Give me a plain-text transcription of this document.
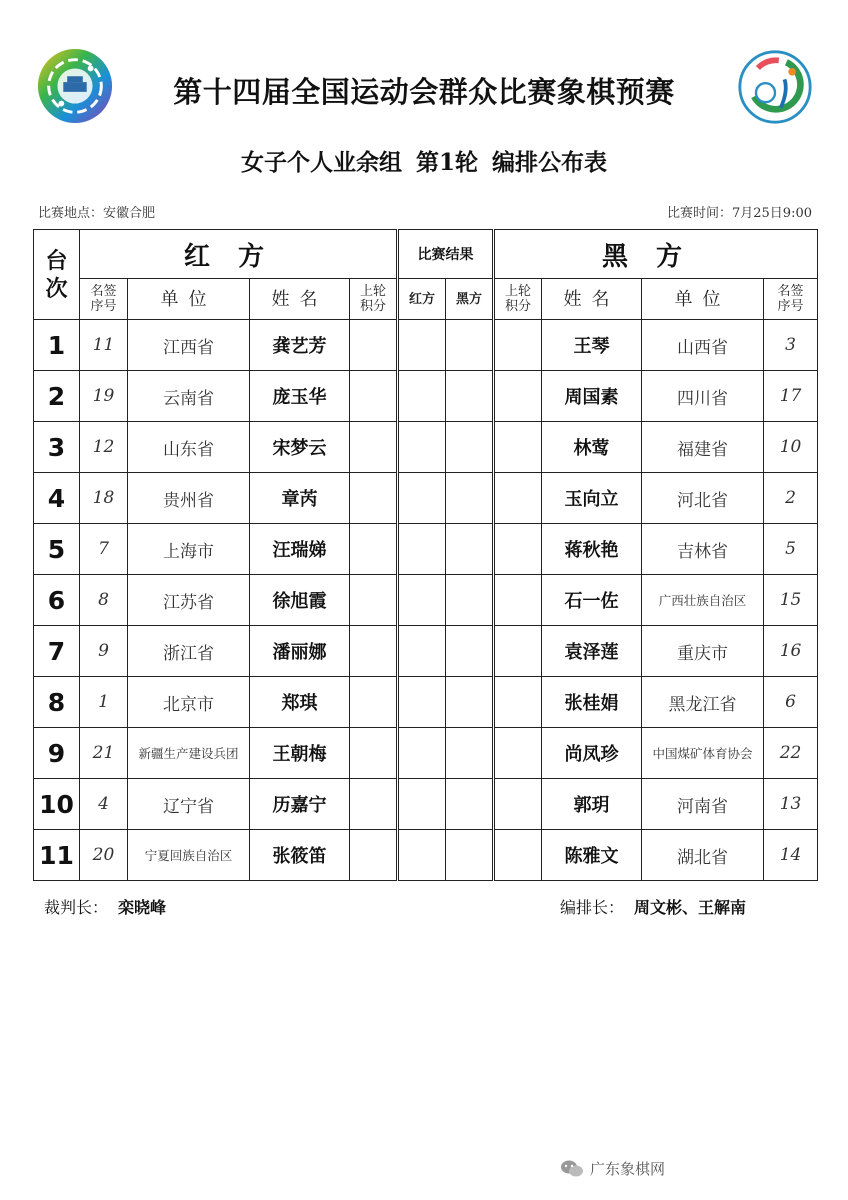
第十四届全国运动会群众比赛象棋预赛
女子个人业余组 第1轮 编排公布表
比赛地点：安徽合肥	比赛时间：7月25日9:00
台次	红方				比赛结果		黑方			
	名签序号	单位	姓名	上轮积分	红方	黑方	上轮积分	姓名	单位	名签序号
1	11	江西省	龚艺芳					王琴	山西省	3
2	19	云南省	庞玉华					周国素	四川省	17
3	12	山东省	宋梦云					林莺	福建省	10
4	18	贵州省	章芮					玉向立	河北省	2
5	7	上海市	汪瑞娣					蒋秋艳	吉林省	5
6	8	江苏省	徐旭霞					石一佐	广西壮族自治区	15
7	9	浙江省	潘丽娜					袁泽莲	重庆市	16
8	1	北京市	郑琪					张桂娟	黑龙江省	6
9	21	新疆生产建设兵团	王朝梅					尚凤珍	中国煤矿体育协会	22
10	4	辽宁省	历嘉宁					郭玥	河南省	13
11	20	宁夏回族自治区	张筱笛					陈雅文	湖北省	14
裁判长： 栾晓峰	编排长： 周文彬、王解南
广东象棋网
